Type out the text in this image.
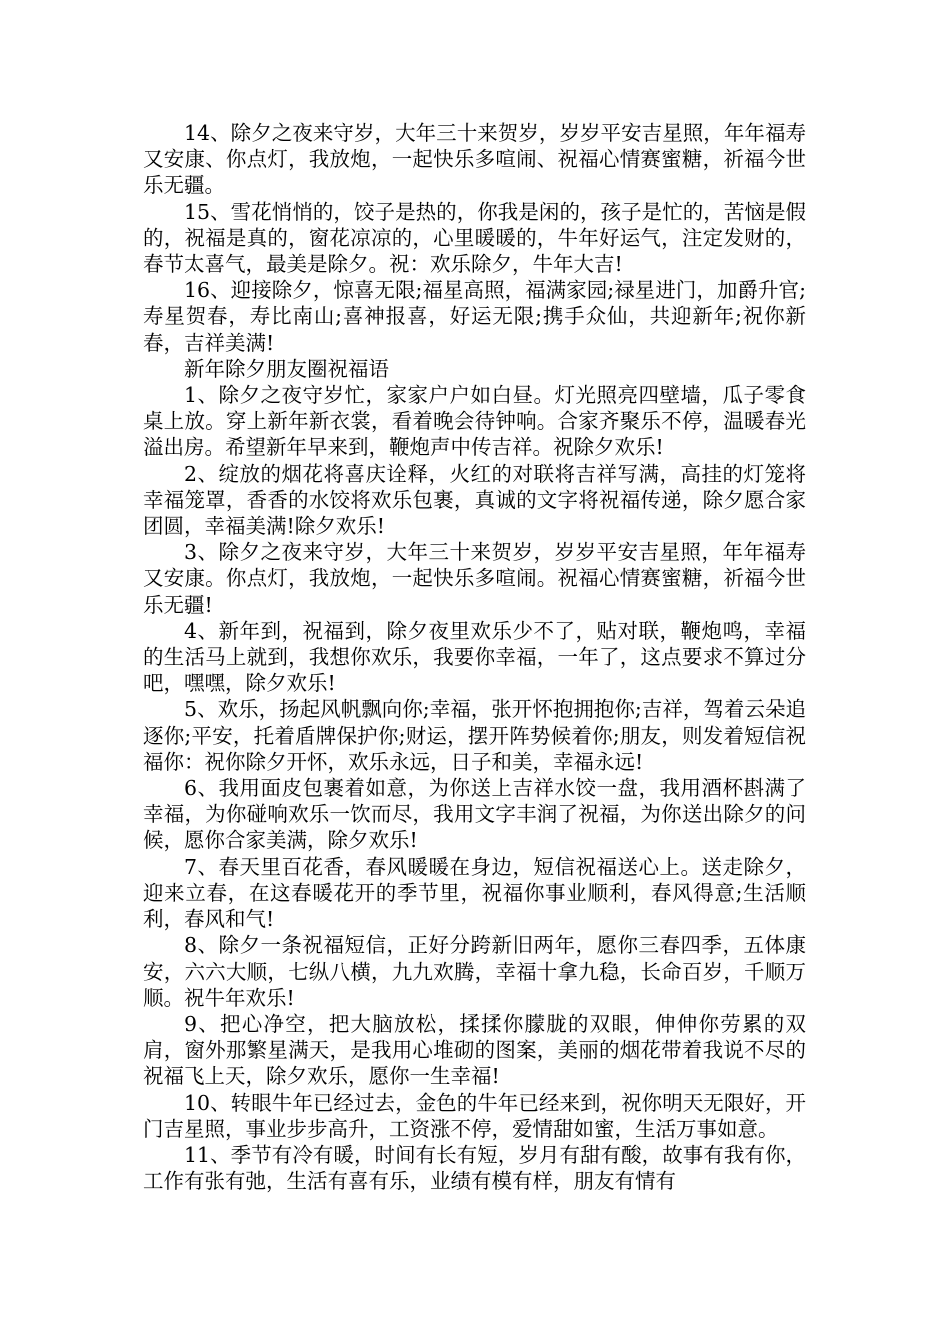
14、除夕之夜来守岁，大年三十来贺岁，岁岁平安吉星照，年年福寿又安康、你点灯，我放炮，一起快乐多喧闹、祝福心情赛蜜糖，祈福今世乐无疆。

15、雪花悄悄的，饺子是热的，你我是闲的，孩子是忙的，苦恼是假的，祝福是真的，窗花凉凉的，心里暖暖的，牛年好运气，注定发财的，春节太喜气，最美是除夕。祝：欢乐除夕，牛年大吉!

16、迎接除夕，惊喜无限;福星高照，福满家园;禄星进门，加爵升官;寿星贺春，寿比南山;喜神报喜，好运无限;携手众仙，共迎新年;祝你新春，吉祥美满!

新年除夕朋友圈祝福语

1、除夕之夜守岁忙，家家户户如白昼。灯光照亮四壁墙，瓜子零食桌上放。穿上新年新衣裳，看着晚会待钟响。合家齐聚乐不停，温暖春光溢出房。希望新年早来到，鞭炮声中传吉祥。祝除夕欢乐!

2、绽放的烟花将喜庆诠释，火红的对联将吉祥写满，高挂的灯笼将幸福笼罩，香香的水饺将欢乐包裹，真诚的文字将祝福传递，除夕愿合家团圆，幸福美满!除夕欢乐!

3、除夕之夜来守岁，大年三十来贺岁，岁岁平安吉星照，年年福寿又安康。你点灯，我放炮，一起快乐多喧闹。祝福心情赛蜜糖，祈福今世乐无疆!

4、新年到，祝福到，除夕夜里欢乐少不了，贴对联，鞭炮鸣，幸福的生活马上就到，我想你欢乐，我要你幸福，一年了，这点要求不算过分吧，嘿嘿，除夕欢乐!

5、欢乐，扬起风帆飘向你;幸福，张开怀抱拥抱你;吉祥，驾着云朵追逐你;平安，托着盾牌保护你;财运，摆开阵势候着你;朋友，则发着短信祝福你：祝你除夕开怀，欢乐永远，日子和美，幸福永远!

6、我用面皮包裹着如意，为你送上吉祥水饺一盘，我用酒杯斟满了幸福，为你碰响欢乐一饮而尽，我用文字丰润了祝福，为你送出除夕的问候，愿你合家美满，除夕欢乐!

7、春天里百花香，春风暖暖在身边，短信祝福送心上。送走除夕，迎来立春，在这春暖花开的季节里，祝福你事业顺利，春风得意;生活顺利，春风和气!

8、除夕一条祝福短信，正好分跨新旧两年，愿你三春四季，五体康安，六六大顺，七纵八横，九九欢腾，幸福十拿九稳，长命百岁，千顺万顺。祝牛年欢乐!

9、把心净空，把大脑放松，揉揉你朦胧的双眼，伸伸你劳累的双肩，窗外那繁星满天，是我用心堆砌的图案，美丽的烟花带着我说不尽的祝福飞上天，除夕欢乐，愿你一生幸福!

10、转眼牛年已经过去，金色的牛年已经来到，祝你明天无限好，开门吉星照，事业步步高升，工资涨不停，爱情甜如蜜，生活万事如意。

11、季节有冷有暖，时间有长有短，岁月有甜有酸，故事有我有你，工作有张有弛，生活有喜有乐，业绩有模有样，朋友有情有
